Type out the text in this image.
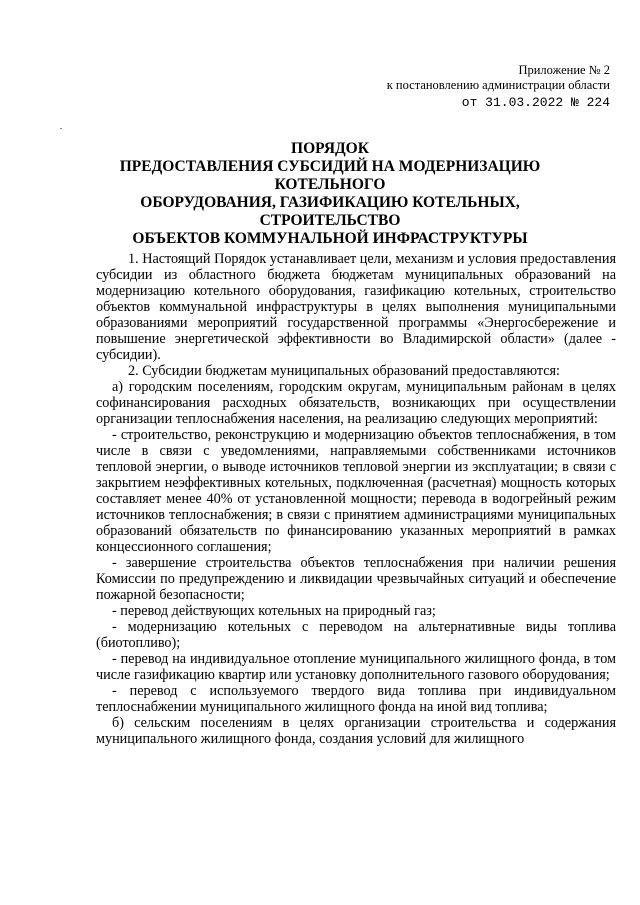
Приложение № 2
к постановлению администрации области
от 31.03.2022 № 224
ПОРЯДОК
ПРЕДОСТАВЛЕНИЯ СУБСИДИЙ НА МОДЕРНИЗАЦИЮ
КОТЕЛЬНОГО
ОБОРУДОВАНИЯ, ГАЗИФИКАЦИЮ КОТЕЛЬНЫХ, СТРОИТЕЛЬСТВО
ОБЪЕКТОВ КОММУНАЛЬНОЙ ИНФРАСТРУКТУРЫ

1. Настоящий Порядок устанавливает цели, механизм и условия предоставления субсидии из областного бюджета бюджетам муниципальных образований на модернизацию котельного оборудования, газификацию котельных, строительство объектов коммунальной инфраструктуры в целях выполнения муниципальными образованиями мероприятий государственной программы «Энергосбережение и повышение энергетической эффективности во Владимирской области» (далее - субсидии).

2. Субсидии бюджетам муниципальных образований предоставляются:

а) городским поселениям, городским округам, муниципальным районам в целях софинансирования расходных обязательств, возникающих при осуществлении организации теплоснабжения населения, на реализацию следующих мероприятий:

- строительство, реконструкцию и модернизацию объектов теплоснабжения, в том числе в связи с уведомлениями, направляемыми собственниками источников тепловой энергии, о выводе источников тепловой энергии из эксплуатации; в связи с закрытием неэффективных котельных, подключенная (расчетная) мощность которых составляет менее 40% от установленной мощности; перевода в водогрейный режим источников теплоснабжения; в связи с принятием администрациями муниципальных образований обязательств по финансированию указанных мероприятий в рамках концессионного соглашения;

- завершение строительства объектов теплоснабжения при наличии решения Комиссии по предупреждению и ликвидации чрезвычайных ситуаций и обеспечение пожарной безопасности;

- перевод действующих котельных на природный газ;

- модернизацию котельных с переводом на альтернативные виды топлива (биотопливо);

- перевод на индивидуальное отопление муниципального жилищного фонда, в том числе газификацию квартир или установку дополнительного газового оборудования;

- перевод с используемого твердого вида топлива при индивидуальном теплоснабжении муниципального жилищного фонда на иной вид топлива;

б) сельским поселениям в целях организации строительства и содержания муниципального жилищного фонда, создания условий для жилищного
